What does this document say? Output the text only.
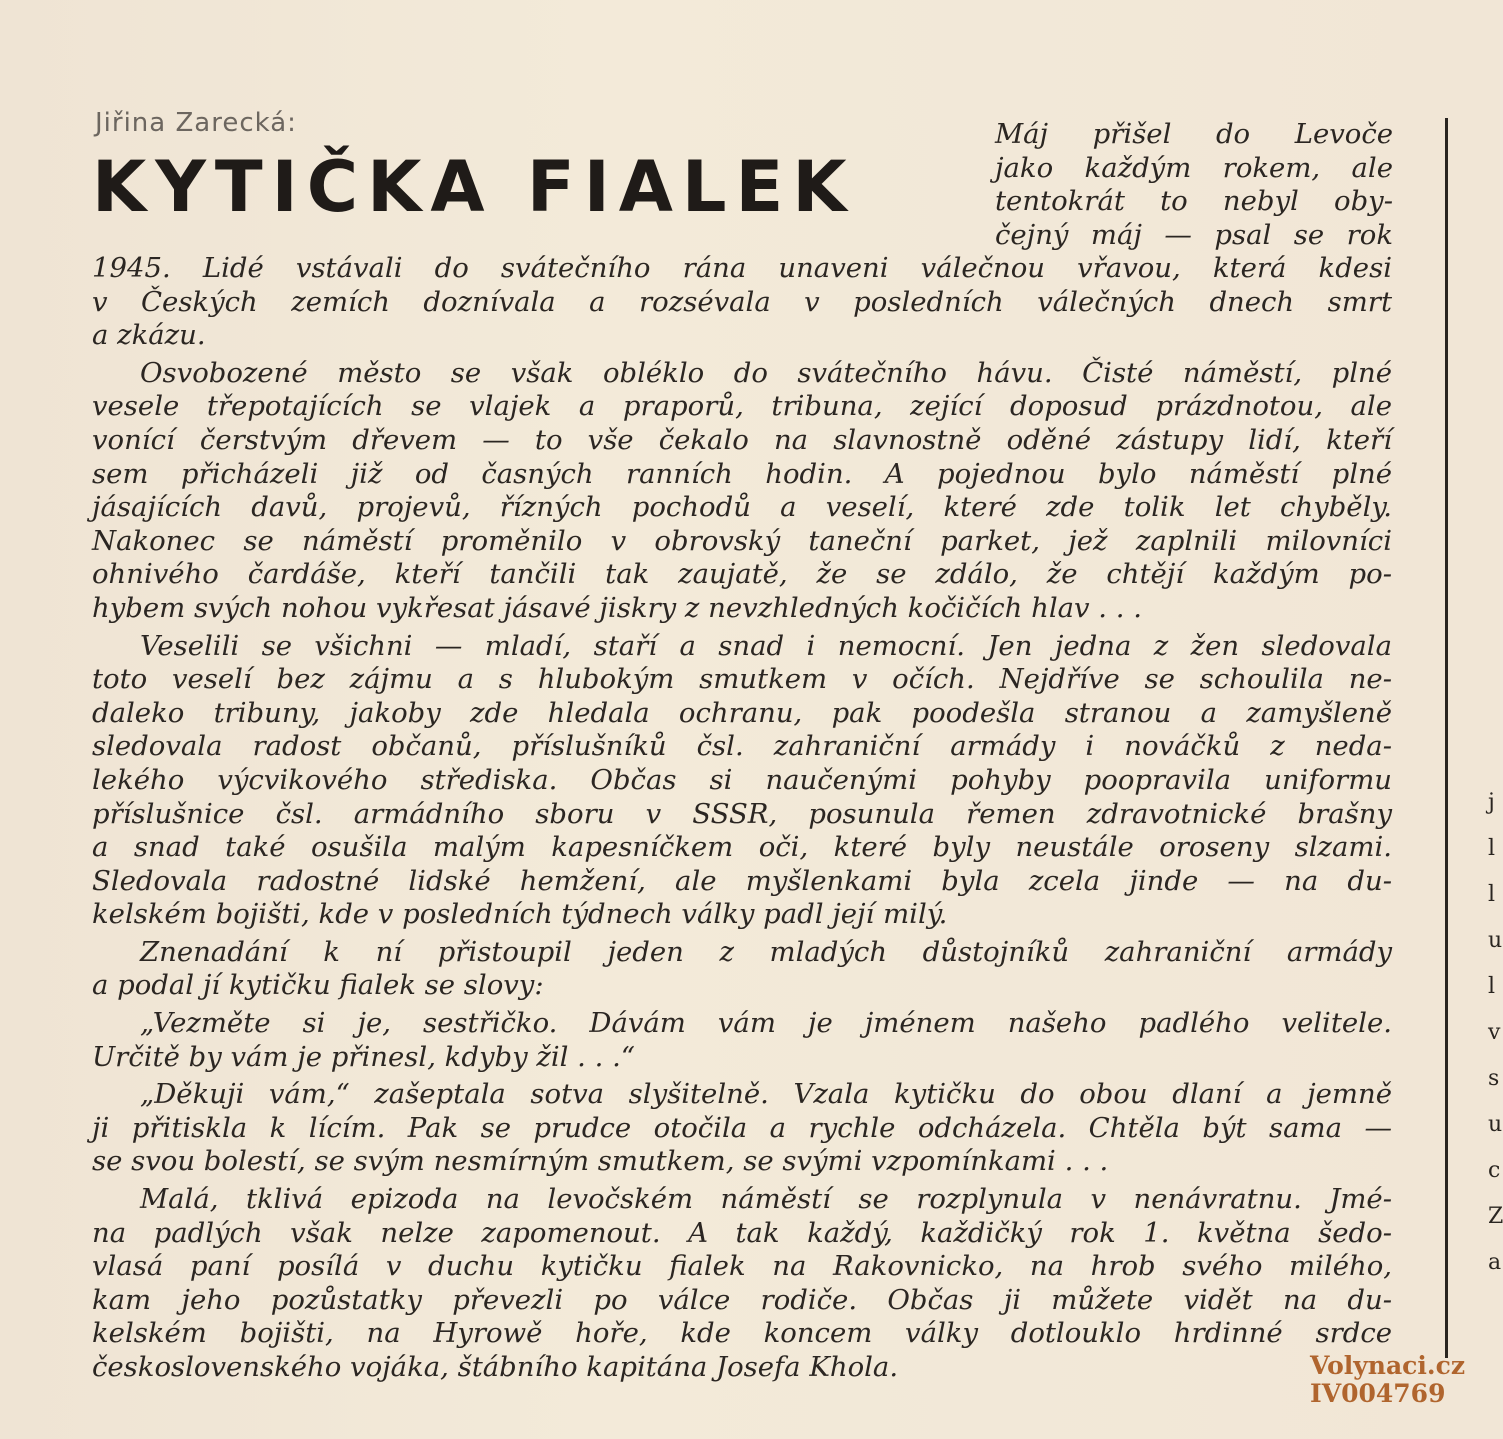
Jiřina Zarecká:
KYTIČKA FIALEK
Máj přišel do Levoče
jako každým rokem, ale
tentokrát to nebyl oby-
čejný máj — psal se rok
1945. Lidé vstávali do svátečního rána unaveni válečnou vřavou, která kdesi
v Českých zemích doznívala a rozsévala v posledních válečných dnech smrt
a zkázu.
Osvobozené město se však obléklo do svátečního hávu. Čisté náměstí, plné
vesele třepotajících se vlajek a praporů, tribuna, zející doposud prázdnotou, ale
vonící čerstvým dřevem — to vše čekalo na slavnostně oděné zástupy lidí, kteří
sem přicházeli již od časných ranních hodin. A pojednou bylo náměstí plné
jásajících davů, projevů, řízných pochodů a veselí, které zde tolik let chyběly.
Nakonec se náměstí proměnilo v obrovský taneční parket, jež zaplnili milovníci
ohnivého čardáše, kteří tančili tak zaujatě, že se zdálo, že chtějí každým po-
hybem svých nohou vykřesat jásavé jiskry z nevzhledných kočičích hlav . . .
Veselili se všichni — mladí, staří a snad i nemocní. Jen jedna z žen sledovala
toto veselí bez zájmu a s hlubokým smutkem v očích. Nejdříve se schoulila ne-
daleko tribuny, jakoby zde hledala ochranu, pak poodešla stranou a zamyšleně
sledovala radost občanů, příslušníků čsl. zahraniční armády i nováčků z neda-
lekého výcvikového střediska. Občas si naučenými pohyby poopravila uniformu
příslušnice čsl. armádního sboru v SSSR, posunula řemen zdravotnické brašny
a snad také osušila malým kapesníčkem oči, které byly neustále oroseny slzami.
Sledovala radostné lidské hemžení, ale myšlenkami byla zcela jinde — na du-
kelském bojišti, kde v posledních týdnech války padl její milý.
Znenadání k ní přistoupil jeden z mladých důstojníků zahraniční armády
a podal jí kytičku fialek se slovy:
„Vezměte si je, sestřičko. Dávám vám je jménem našeho padlého velitele.
Určitě by vám je přinesl, kdyby žil . . .“
„Děkuji vám,“ zašeptala sotva slyšitelně. Vzala kytičku do obou dlaní a jemně
ji přitiskla k lícím. Pak se prudce otočila a rychle odcházela. Chtěla být sama —
se svou bolestí, se svým nesmírným smutkem, se svými vzpomínkami . . .
Malá, tklivá epizoda na levočském náměstí se rozplynula v nenávratnu. Jmé-
na padlých však nelze zapomenout. A tak každý, každičký rok 1. května šedo-
vlasá paní posílá v duchu kytičku fialek na Rakovnicko, na hrob svého milého,
kam jeho pozůstatky převezli po válce rodiče. Občas ji můžete vidět na du-
kelském bojišti, na Hyrowě hoře, kde koncem války dotlouklo hrdinné srdce
československého vojáka, štábního kapitána Josefa Khola.
j
l
l
u
l
v
s
u
c
Z
a
Volynaci.cz
IV004769
